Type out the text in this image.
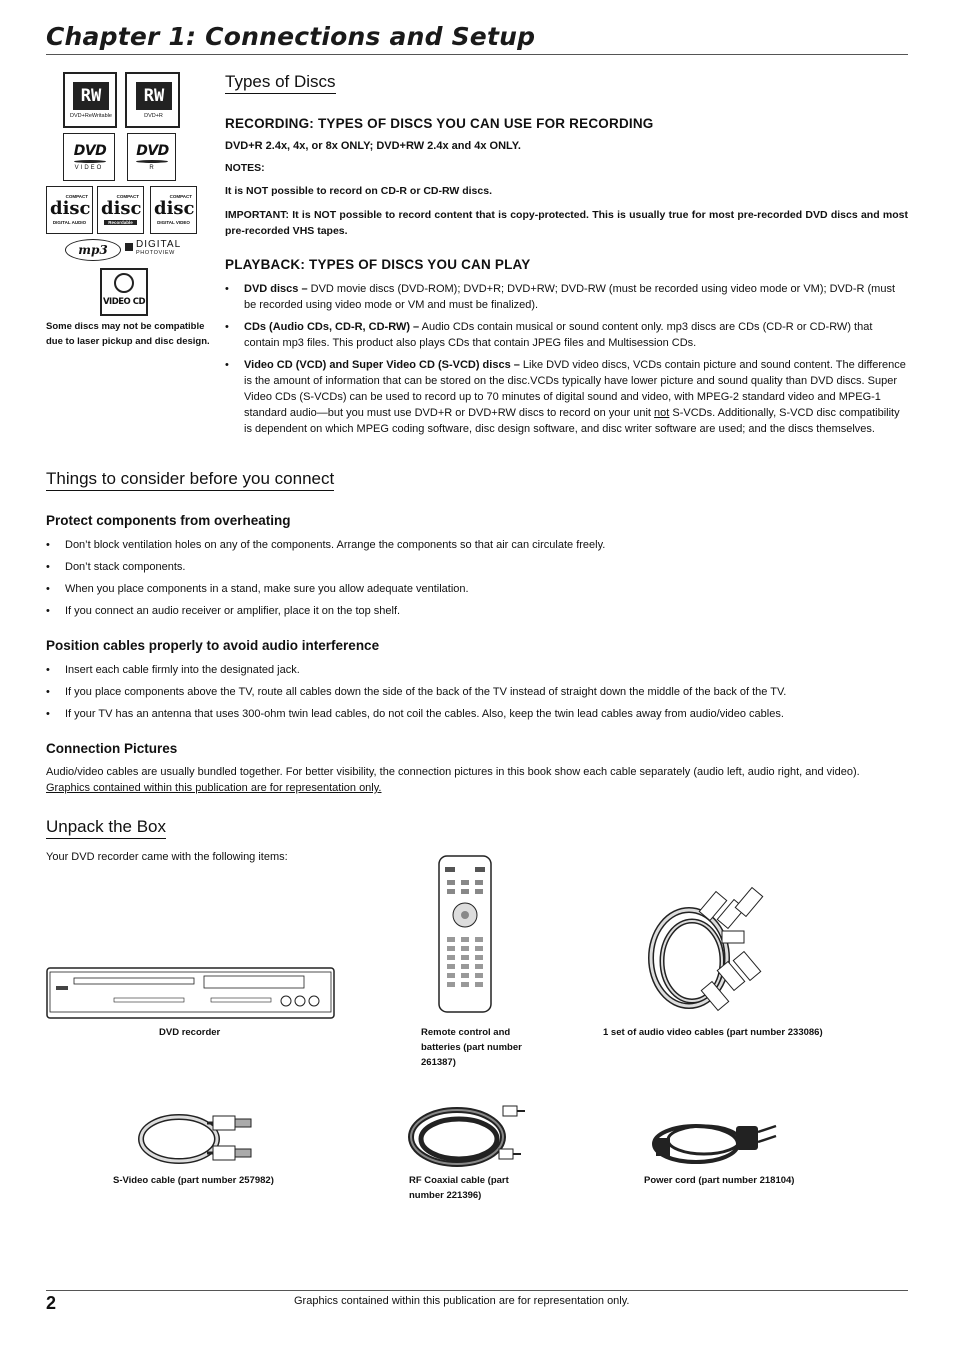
Chapter 1: Connections and Setup
RW
DVD+ReWritable
RW
DVD+R
DVD
VIDEO
DVD
R
COMPACT
disc
DIGITAL AUDIO
COMPACT
disc
Recordable
COMPACT
disc
DIGITAL VIDEO
mp3	DIGITAL
PHOTOVIEW
VIDEO CD
Some discs may not be compatible due to laser pickup and disc design.
Types of Discs
RECORDING: TYPES OF DISCS YOU CAN USE FOR RECORDING
DVD+R 2.4x, 4x, or 8x ONLY; DVD+RW 2.4x and 4x ONLY.
NOTES:
It is NOT possible to record on CD-R or CD-RW discs.
IMPORTANT: It is NOT possible to record content that is copy-protected. This is usually true for most pre-recorded DVD discs and most pre-recorded VHS tapes.
PLAYBACK: TYPES OF DISCS YOU CAN PLAY
• DVD discs – DVD movie discs (DVD-ROM); DVD+R; DVD+RW; DVD-RW (must be recorded using video mode or VM); DVD-R (must be recorded using video mode or VM and must be finalized).
• CDs (Audio CDs, CD-R, CD-RW) – Audio CDs contain musical or sound content only. mp3 discs are CDs (CD-R or CD-RW) that contain mp3 files. This product also plays CDs that contain JPEG files and Multisession CDs.
• Video CD (VCD) and Super Video CD (S-VCD) discs – Like DVD video discs, VCDs contain picture and sound content. The difference is the amount of information that can be stored on the disc.VCDs typically have lower picture and sound quality than DVD discs. Super Video CDs (S-VCDs) can be used to record up to 70 minutes of digital sound and video, with MPEG-2 standard video and MPEG-1 standard audio—but you must use DVD+R or DVD+RW discs to record on your unit not S-VCDs. Additionally, S-VCD disc compatibility is dependent on which MPEG coding software, disc design software, and disc writer software are used; and the discs themselves.
Things to consider before you connect
Protect components from overheating
• Don’t block ventilation holes on any of the components. Arrange the components so that air can circulate freely.
• Don’t stack components.
• When you place components in a stand, make sure you allow adequate ventilation.
• If you connect an audio receiver or amplifier, place it on the top shelf.
Position cables properly to avoid audio interference
• Insert each cable firmly into the designated jack.
• If you place components above the TV, route all cables down the side of the back of the TV instead of straight down the middle of the back of the TV.
• If your TV has an antenna that uses 300-ohm twin lead cables, do not coil the cables. Also, keep the twin lead cables away from audio/video cables.
Connection Pictures
Audio/video cables are usually bundled together. For better visibility, the connection pictures in this book show each cable separately (audio left, audio right, and video).
Graphics contained within this publication are for representation only.
Unpack the Box
Your DVD recorder came with the following items:
DVD recorder	Remote control and batteries (part number 261387)
1 set of audio video cables (part number 233086)
S-Video cable (part number 257982)	RF Coaxial cable (part number 221396)
Power cord (part number 218104)
2	Graphics contained within this publication are for representation only.
